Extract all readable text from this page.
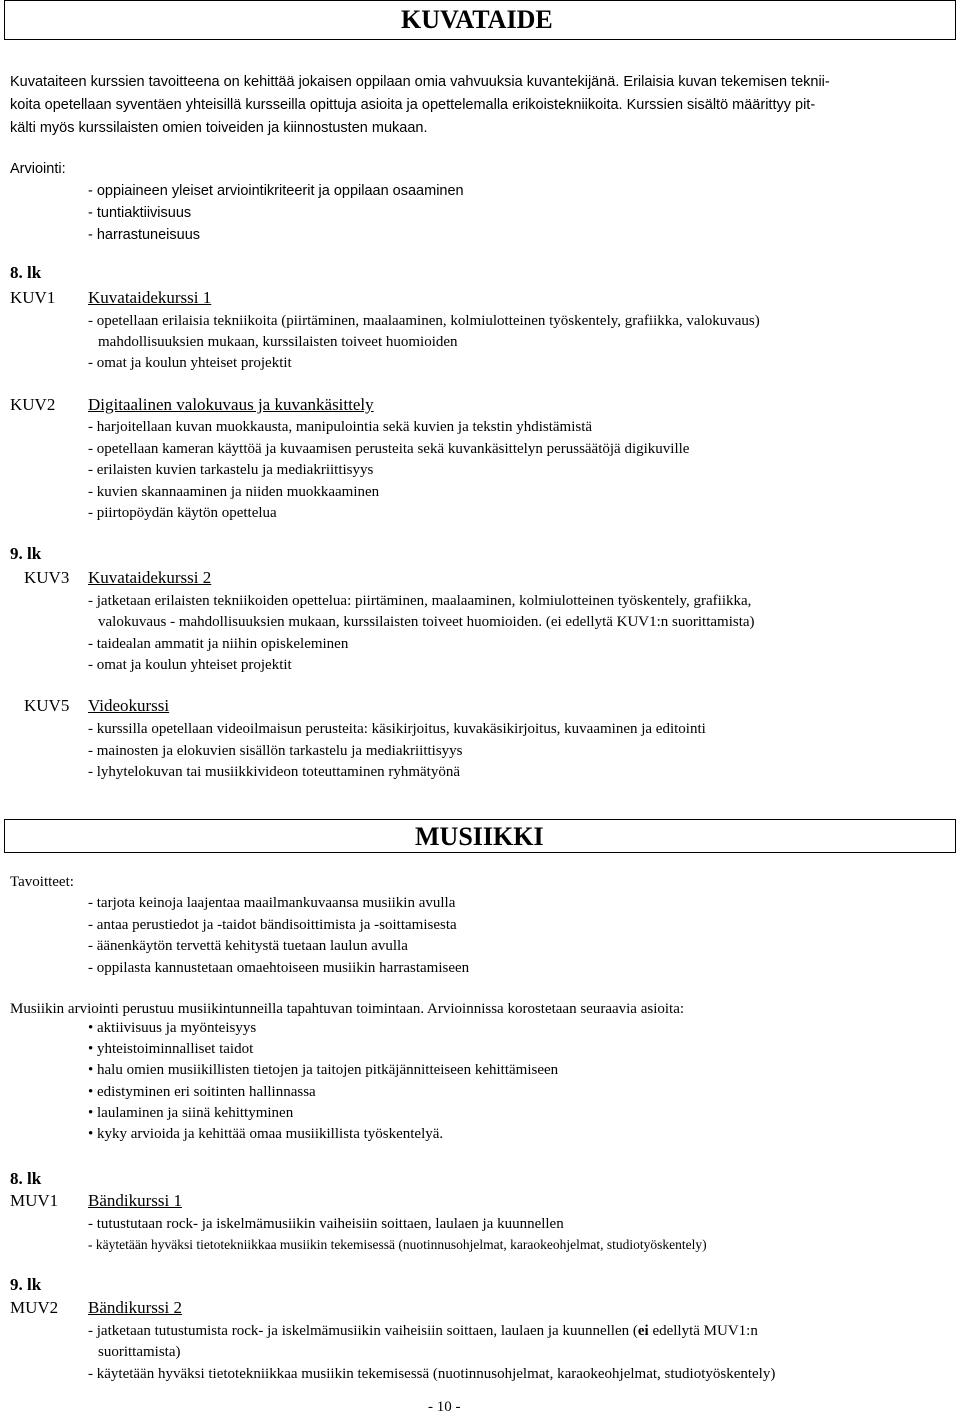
KUVATAIDE
Kuvataiteen kurssien tavoitteena on kehittää jokaisen oppilaan omia vahvuuksia kuvantekijänä. Erilaisia kuvan tekemisen teknii-
koita opetellaan syventäen yhteisillä kursseilla opittuja asioita ja opettelemalla erikoistekniikoita. Kurssien sisältö määrittyy pit-
kälti myös kurssilaisten omien toiveiden ja kiinnostusten mukaan.
Arviointi:
- oppiaineen yleiset arviointikriteerit ja oppilaan osaaminen
- tuntiaktiivisuus
- harrastuneisuus
8. lk
KUV1 Kuvataidekurssi 1
- opetellaan erilaisia tekniikoita (piirtäminen, maalaaminen, kolmiulotteinen työskentely, grafiikka, valokuvaus)
mahdollisuuksien mukaan, kurssilaisten toiveet huomioiden
- omat ja koulun yhteiset projektit
KUV2 Digitaalinen valokuvaus ja kuvankäsittely
- harjoitellaan kuvan muokkausta, manipulointia sekä kuvien ja tekstin yhdistämistä
- opetellaan kameran käyttöä ja kuvaamisen perusteita sekä kuvankäsittelyn perussäätöjä digikuville
- erilaisten kuvien tarkastelu ja mediakriittisyys
- kuvien skannaaminen ja niiden muokkaaminen
- piirtopöydän käytön opettelua
9. lk
KUV3 Kuvataidekurssi 2
- jatketaan erilaisten tekniikoiden opettelua: piirtäminen, maalaaminen, kolmiulotteinen työskentely, grafiikka,
valokuvaus - mahdollisuuksien mukaan, kurssilaisten toiveet huomioiden. (ei edellytä KUV1:n suorittamista)
- taidealan ammatit ja niihin opiskeleminen
- omat ja koulun yhteiset projektit
KUV5 Videokurssi
- kurssilla opetellaan videoilmaisun perusteita: käsikirjoitus, kuvakäsikirjoitus, kuvaaminen ja editointi
- mainosten ja elokuvien sisällön tarkastelu ja mediakriittisyys
- lyhytelokuvan tai musiikkivideon toteuttaminen ryhmätyönä
MUSIIKKI
Tavoitteet:
- tarjota keinoja laajentaa maailmankuvaansa musiikin avulla
- antaa perustiedot ja -taidot bändisoittimista ja -soittamisesta
- äänenkäytön tervettä kehitystä tuetaan laulun avulla
- oppilasta kannustetaan omaehtoiseen musiikin harrastamiseen
Musiikin arviointi perustuu musiikintunneilla tapahtuvan toimintaan. Arvioinnissa korostetaan seuraavia asioita:
• aktiivisuus ja myönteisyys
• yhteistoiminnalliset taidot
• halu omien musiikillisten tietojen ja taitojen pitkäjännitteiseen kehittämiseen
• edistyminen eri soitinten hallinnassa
• laulaminen ja siinä kehittyminen
• kyky arvioida ja kehittää omaa musiikillista työskentelyä.
8. lk
MUV1 Bändikurssi 1
- tutustutaan rock- ja iskelmämusiikin vaiheisiin soittaen, laulaen ja kuunnellen
- käytetään hyväksi tietotekniikkaa musiikin tekemisessä (nuotinnusohjelmat, karaokeohjelmat, studiotyöskentely)
9. lk
MUV2 Bändikurssi 2
- jatketaan tutustumista rock- ja iskelmämusiikin vaiheisiin soittaen, laulaen ja kuunnellen (ei edellytä MUV1:n
suorittamista)
- käytetään hyväksi tietotekniikkaa musiikin tekemisessä (nuotinnusohjelmat, karaokeohjelmat, studiotyöskentely)
- 10 -
